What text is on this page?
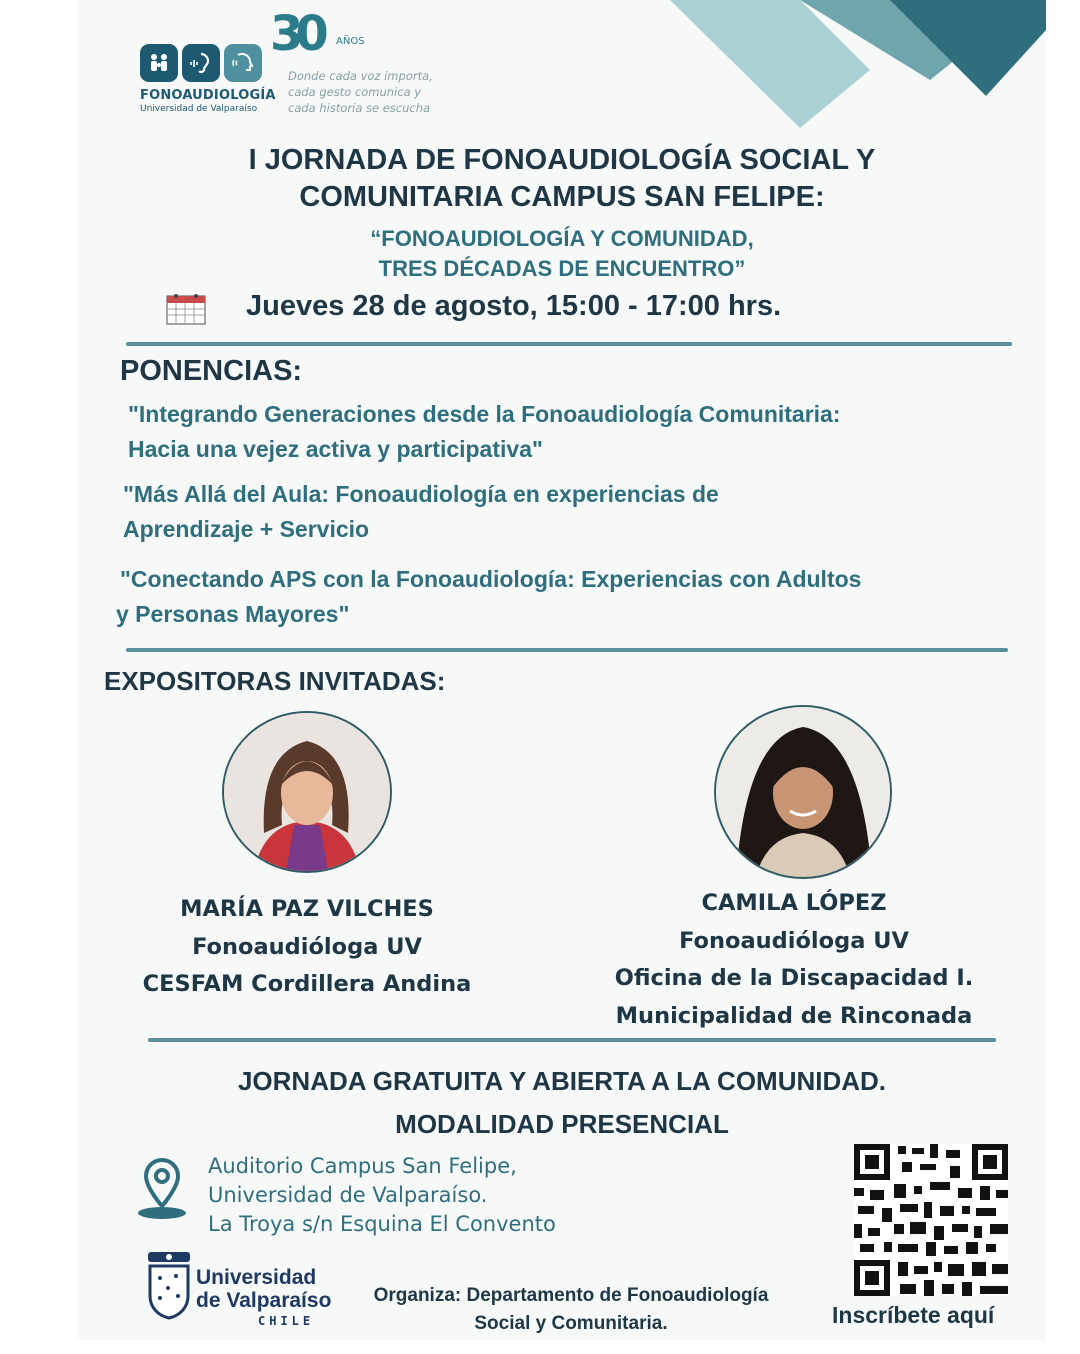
FONOAUDIOLOGÍA
Universidad de Valparaíso
30 AÑOS
Donde cada voz importa,
cada gesto comunica y
cada historia se escucha
I JORNADA DE FONOAUDIOLOGÍA SOCIAL Y
COMUNITARIA CAMPUS SAN FELIPE:
“FONOAUDIOLOGÍA Y COMUNIDAD,
TRES DÉCADAS DE ENCUENTRO”
Jueves 28 de agosto, 15:00 - 17:00 hrs.
PONENCIAS:
"Integrando Generaciones desde la Fonoaudiología Comunitaria:
Hacia una vejez activa y participativa"
"Más Allá del Aula: Fonoaudiología en experiencias de
Aprendizaje + Servicio
"Conectando APS con la Fonoaudiología: Experiencias con Adultos
y Personas Mayores"
EXPOSITORAS INVITADAS:
MARÍA PAZ VILCHES
Fonoaudióloga UV
CESFAM Cordillera Andina
CAMILA LÓPEZ
Fonoaudióloga UV
Oficina de la Discapacidad I.
Municipalidad de Rinconada
JORNADA GRATUITA Y ABIERTA A LA COMUNIDAD.
MODALIDAD PRESENCIAL
Auditorio Campus San Felipe,
Universidad de Valparaíso.
La Troya s/n Esquina El Convento
Inscríbete aquí
Universidad
de Valparaíso
CHILE
Organiza: Departamento de Fonoaudiología
Social y Comunitaria.
